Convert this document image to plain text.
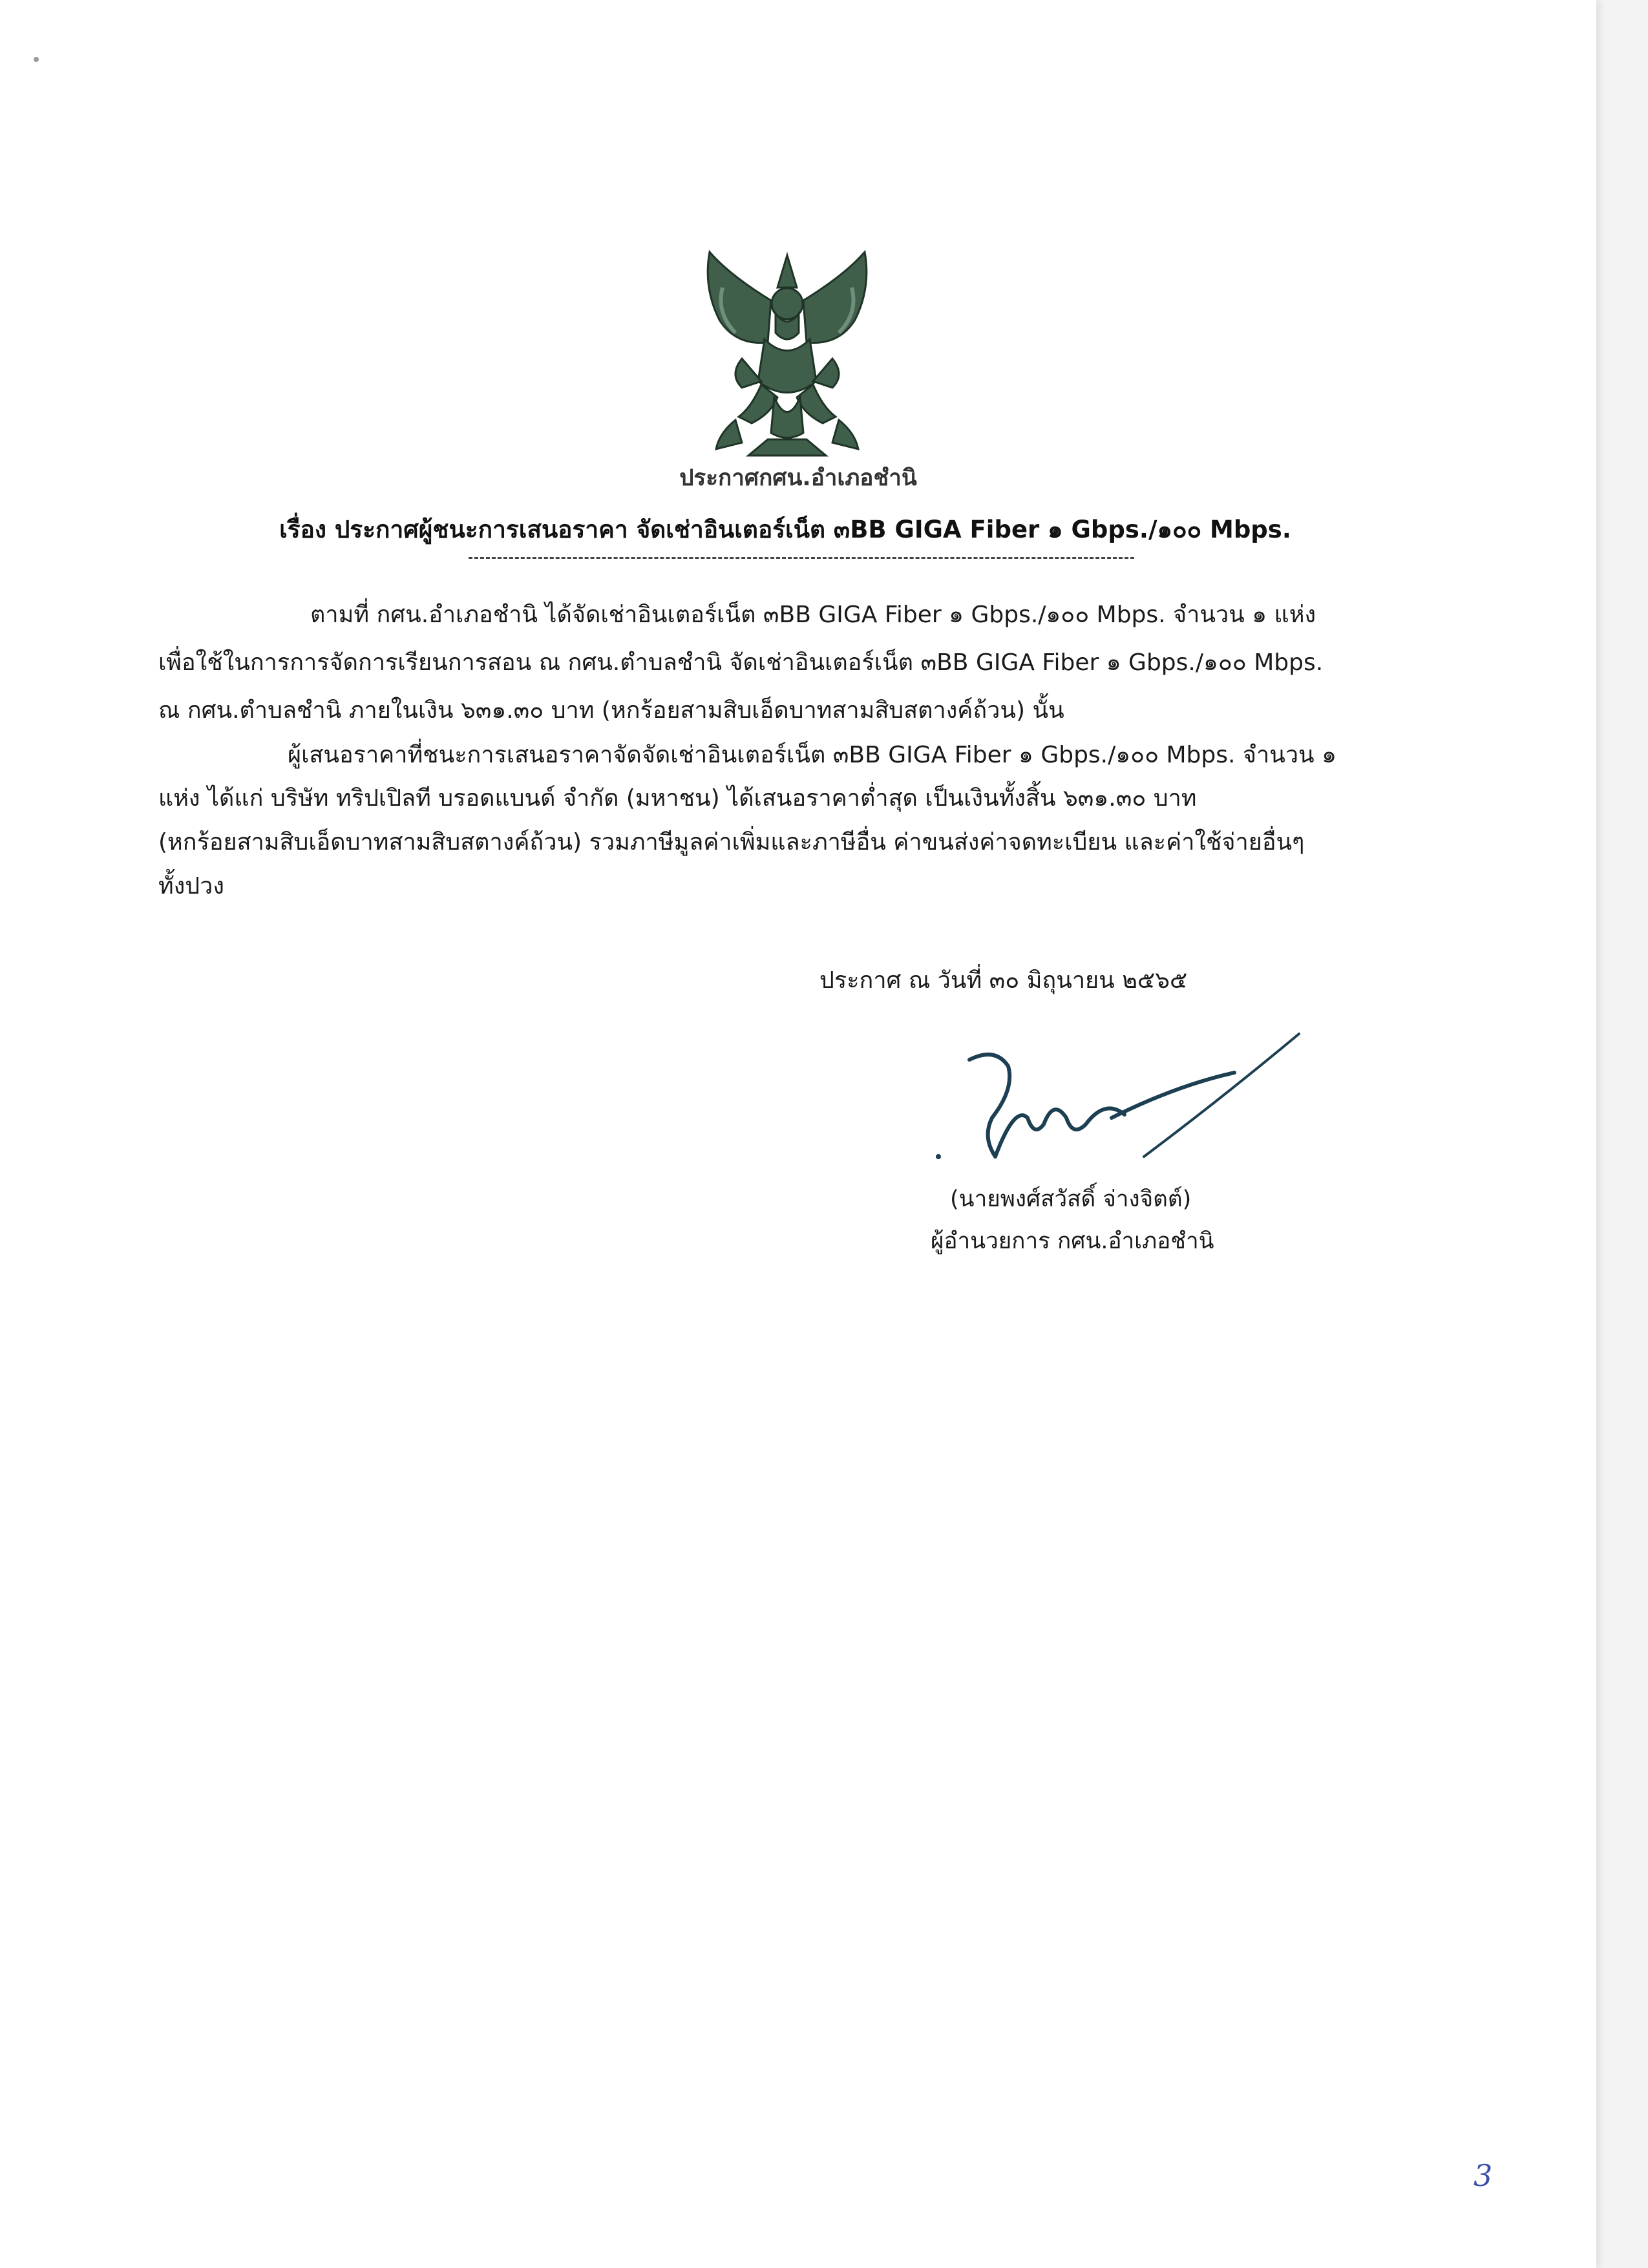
ประกาศกศน.อำเภอชำนิ
เรื่อง ประกาศผู้ชนะการเสนอราคา จัดเช่าอินเตอร์เน็ต ๓BB GIGA Fiber ๑ Gbps./๑๐๐ Mbps.
ตามที่ กศน.อำเภอชำนิ ได้จัดเช่าอินเตอร์เน็ต ๓BB GIGA Fiber ๑ Gbps./๑๐๐ Mbps. จำนวน ๑ แห่ง
เพื่อใช้ในการการจัดการเรียนการสอน ณ กศน.ตำบลชำนิ จัดเช่าอินเตอร์เน็ต ๓BB GIGA Fiber ๑ Gbps./๑๐๐ Mbps.
ณ กศน.ตำบลชำนิ ภายในเงิน ๖๓๑.๓๐ บาท (หกร้อยสามสิบเอ็ดบาทสามสิบสตางค์ถ้วน) นั้น
ผู้เสนอราคาที่ชนะการเสนอราคาจัดจัดเช่าอินเตอร์เน็ต ๓BB GIGA Fiber ๑ Gbps./๑๐๐ Mbps. จำนวน ๑
แห่ง ได้แก่ บริษัท ทริปเปิลที บรอดแบนด์ จำกัด (มหาชน) ได้เสนอราคาต่ำสุด เป็นเงินทั้งสิ้น ๖๓๑.๓๐ บาท
(หกร้อยสามสิบเอ็ดบาทสามสิบสตางค์ถ้วน) รวมภาษีมูลค่าเพิ่มและภาษีอื่น ค่าขนส่งค่าจดทะเบียน และค่าใช้จ่ายอื่นๆ
ทั้งปวง
ประกาศ ณ วันที่ ๓๐ มิถุนายน ๒๕๖๕
(นายพงศ์สวัสดิ์ จ่างจิตต์)
ผู้อำนวยการ กศน.อำเภอชำนิ
3
